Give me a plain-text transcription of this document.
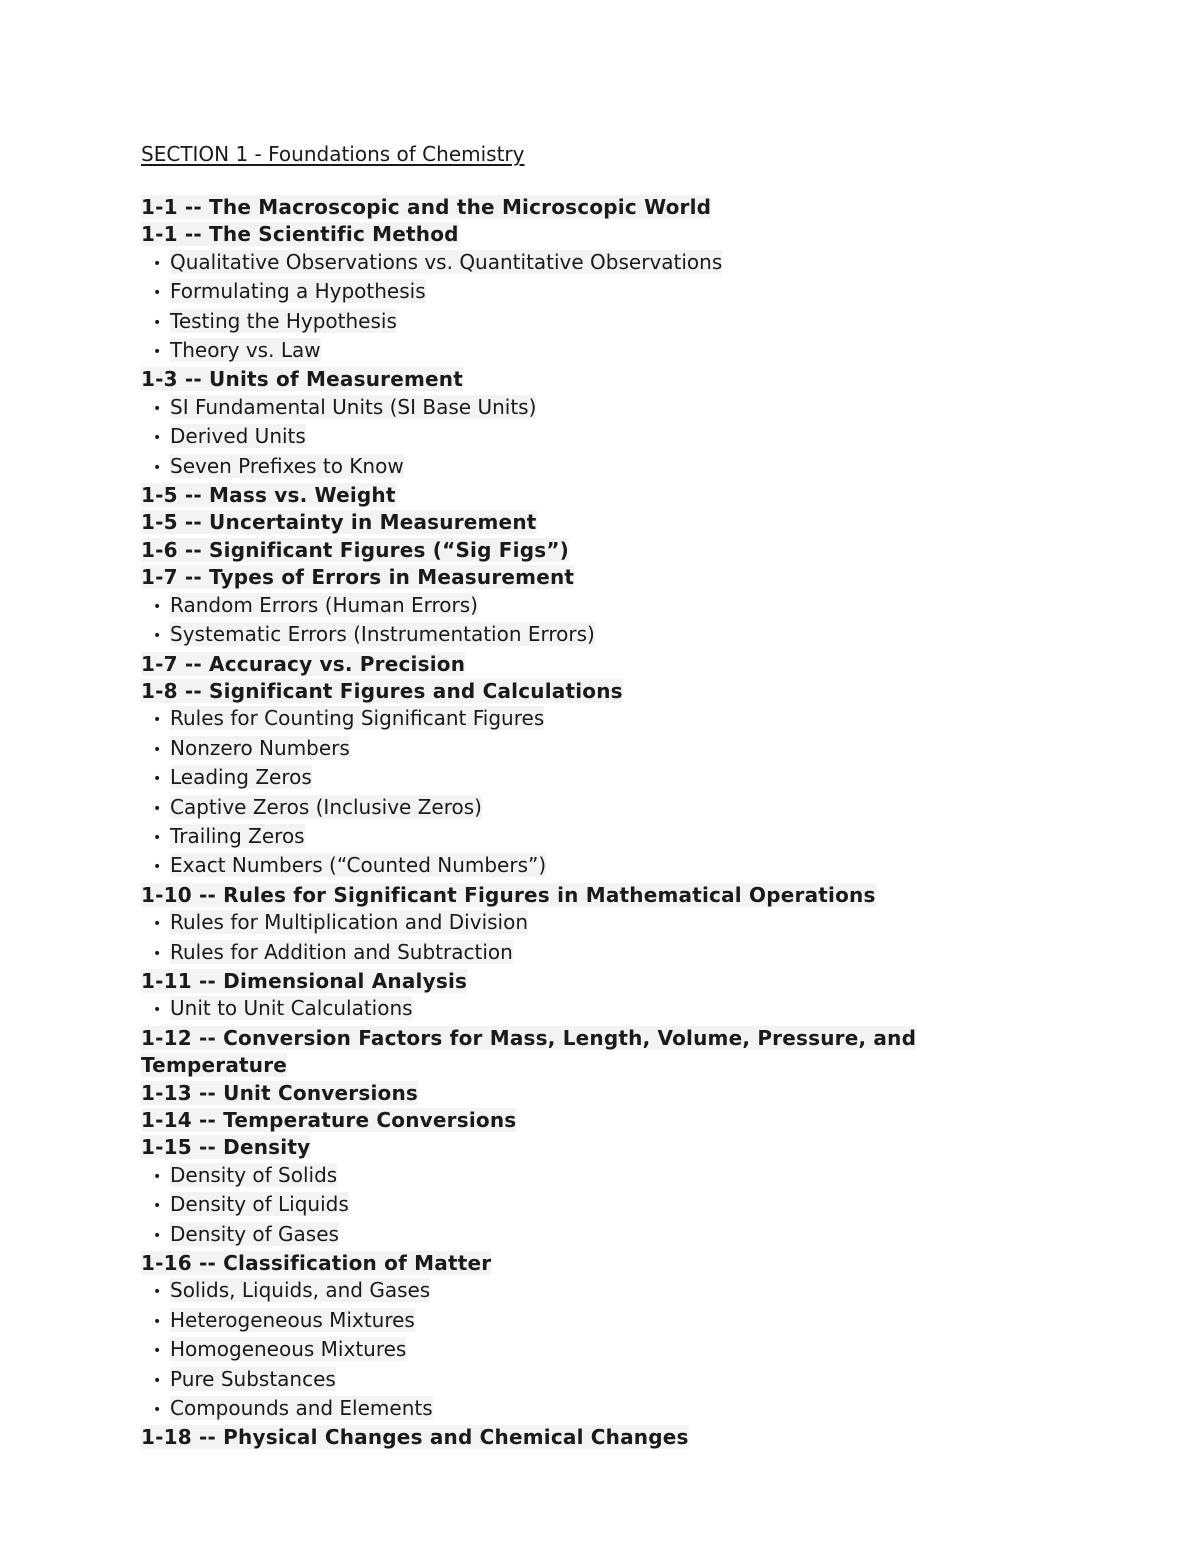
SECTION 1 - Foundations of Chemistry
1-1 -- The Macroscopic and the Microscopic World
1-1 -- The Scientific Method
• Qualitative Observations vs. Quantitative Observations
• Formulating a Hypothesis
• Testing the Hypothesis
• Theory vs. Law
1-3 -- Units of Measurement
• SI Fundamental Units (SI Base Units)
• Derived Units
• Seven Prefixes to Know
1-5 -- Mass vs. Weight
1-5 -- Uncertainty in Measurement
1-6 -- Significant Figures (“Sig Figs”)
1-7 -- Types of Errors in Measurement
• Random Errors (Human Errors)
• Systematic Errors (Instrumentation Errors)
1-7 -- Accuracy vs. Precision
1-8 -- Significant Figures and Calculations
• Rules for Counting Significant Figures
• Nonzero Numbers
• Leading Zeros
• Captive Zeros (Inclusive Zeros)
• Trailing Zeros
• Exact Numbers (“Counted Numbers”)
1-10 -- Rules for Significant Figures in Mathematical Operations
• Rules for Multiplication and Division
• Rules for Addition and Subtraction
1-11 -- Dimensional Analysis
• Unit to Unit Calculations
1-12 -- Conversion Factors for Mass, Length, Volume, Pressure, and Temperature
1-13 -- Unit Conversions
1-14 -- Temperature Conversions
1-15 -- Density
• Density of Solids
• Density of Liquids
• Density of Gases
1-16 -- Classification of Matter
• Solids, Liquids, and Gases
• Heterogeneous Mixtures
• Homogeneous Mixtures
• Pure Substances
• Compounds and Elements
1-18 -- Physical Changes and Chemical Changes
